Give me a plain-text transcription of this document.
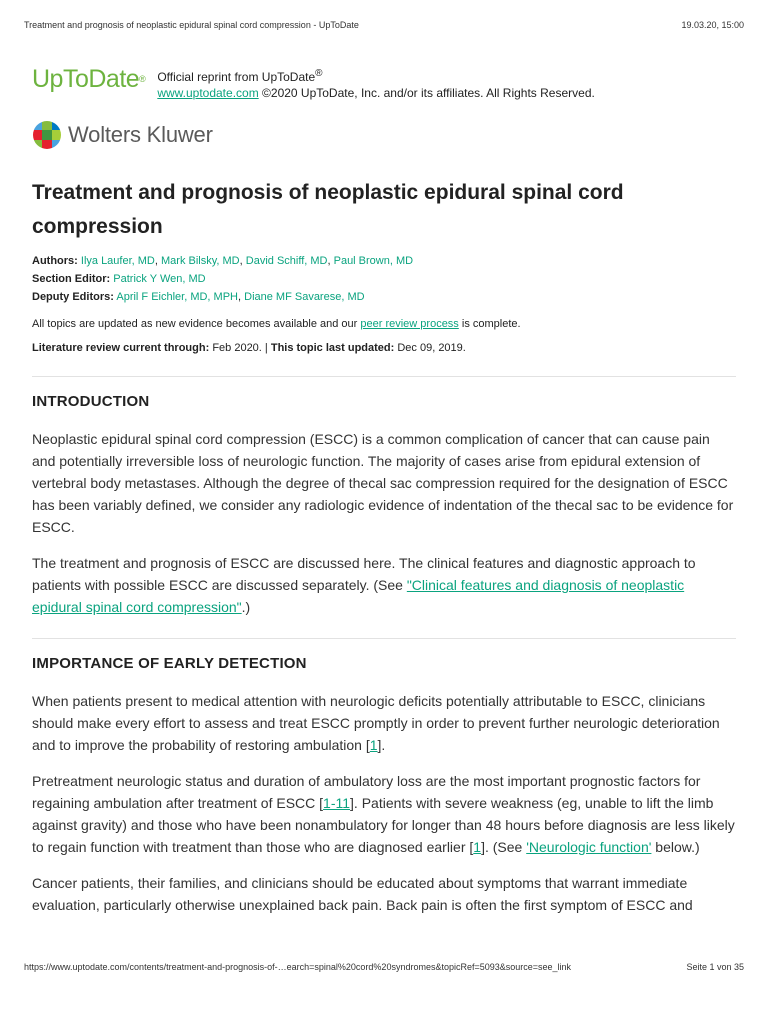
Treatment and prognosis of neoplastic epidural spinal cord compression - UpToDate	19.03.20, 15:00
UpToDate® Official reprint from UpToDate®
www.uptodate.com ©2020 UpToDate, Inc. and/or its affiliates. All Rights Reserved.
Wolters Kluwer
Treatment and prognosis of neoplastic epidural spinal cord compression
Authors: Ilya Laufer, MD, Mark Bilsky, MD, David Schiff, MD, Paul Brown, MD
Section Editor: Patrick Y Wen, MD
Deputy Editors: April F Eichler, MD, MPH, Diane MF Savarese, MD
All topics are updated as new evidence becomes available and our peer review process is complete.
Literature review current through: Feb 2020. | This topic last updated: Dec 09, 2019.
INTRODUCTION

Neoplastic epidural spinal cord compression (ESCC) is a common complication of cancer that can cause pain and potentially irreversible loss of neurologic function. The majority of cases arise from epidural extension of vertebral body metastases. Although the degree of thecal sac compression required for the designation of ESCC has been variably defined, we consider any radiologic evidence of indentation of the thecal sac to be evidence for ESCC.

The treatment and prognosis of ESCC are discussed here. The clinical features and diagnostic approach to patients with possible ESCC are discussed separately. (See "Clinical features and diagnosis of neoplastic epidural spinal cord compression".)

IMPORTANCE OF EARLY DETECTION

When patients present to medical attention with neurologic deficits potentially attributable to ESCC, clinicians should make every effort to assess and treat ESCC promptly in order to prevent further neurologic deterioration and to improve the probability of restoring ambulation [1].

Pretreatment neurologic status and duration of ambulatory loss are the most important prognostic factors for regaining ambulation after treatment of ESCC [1-11]. Patients with severe weakness (eg, unable to lift the limb against gravity) and those who have been nonambulatory for longer than 48 hours before diagnosis are less likely to regain function with treatment than those who are diagnosed earlier [1]. (See 'Neurologic function' below.)

Cancer patients, their families, and clinicians should be educated about symptoms that warrant immediate evaluation, particularly otherwise unexplained back pain. Back pain is often the first symptom of ESCC and

https://www.uptodate.com/contents/treatment-and-prognosis-of-…earch=spinal%20cord%20syndromes&topicRef=5093&source=see_link	Seite 1 von 35
